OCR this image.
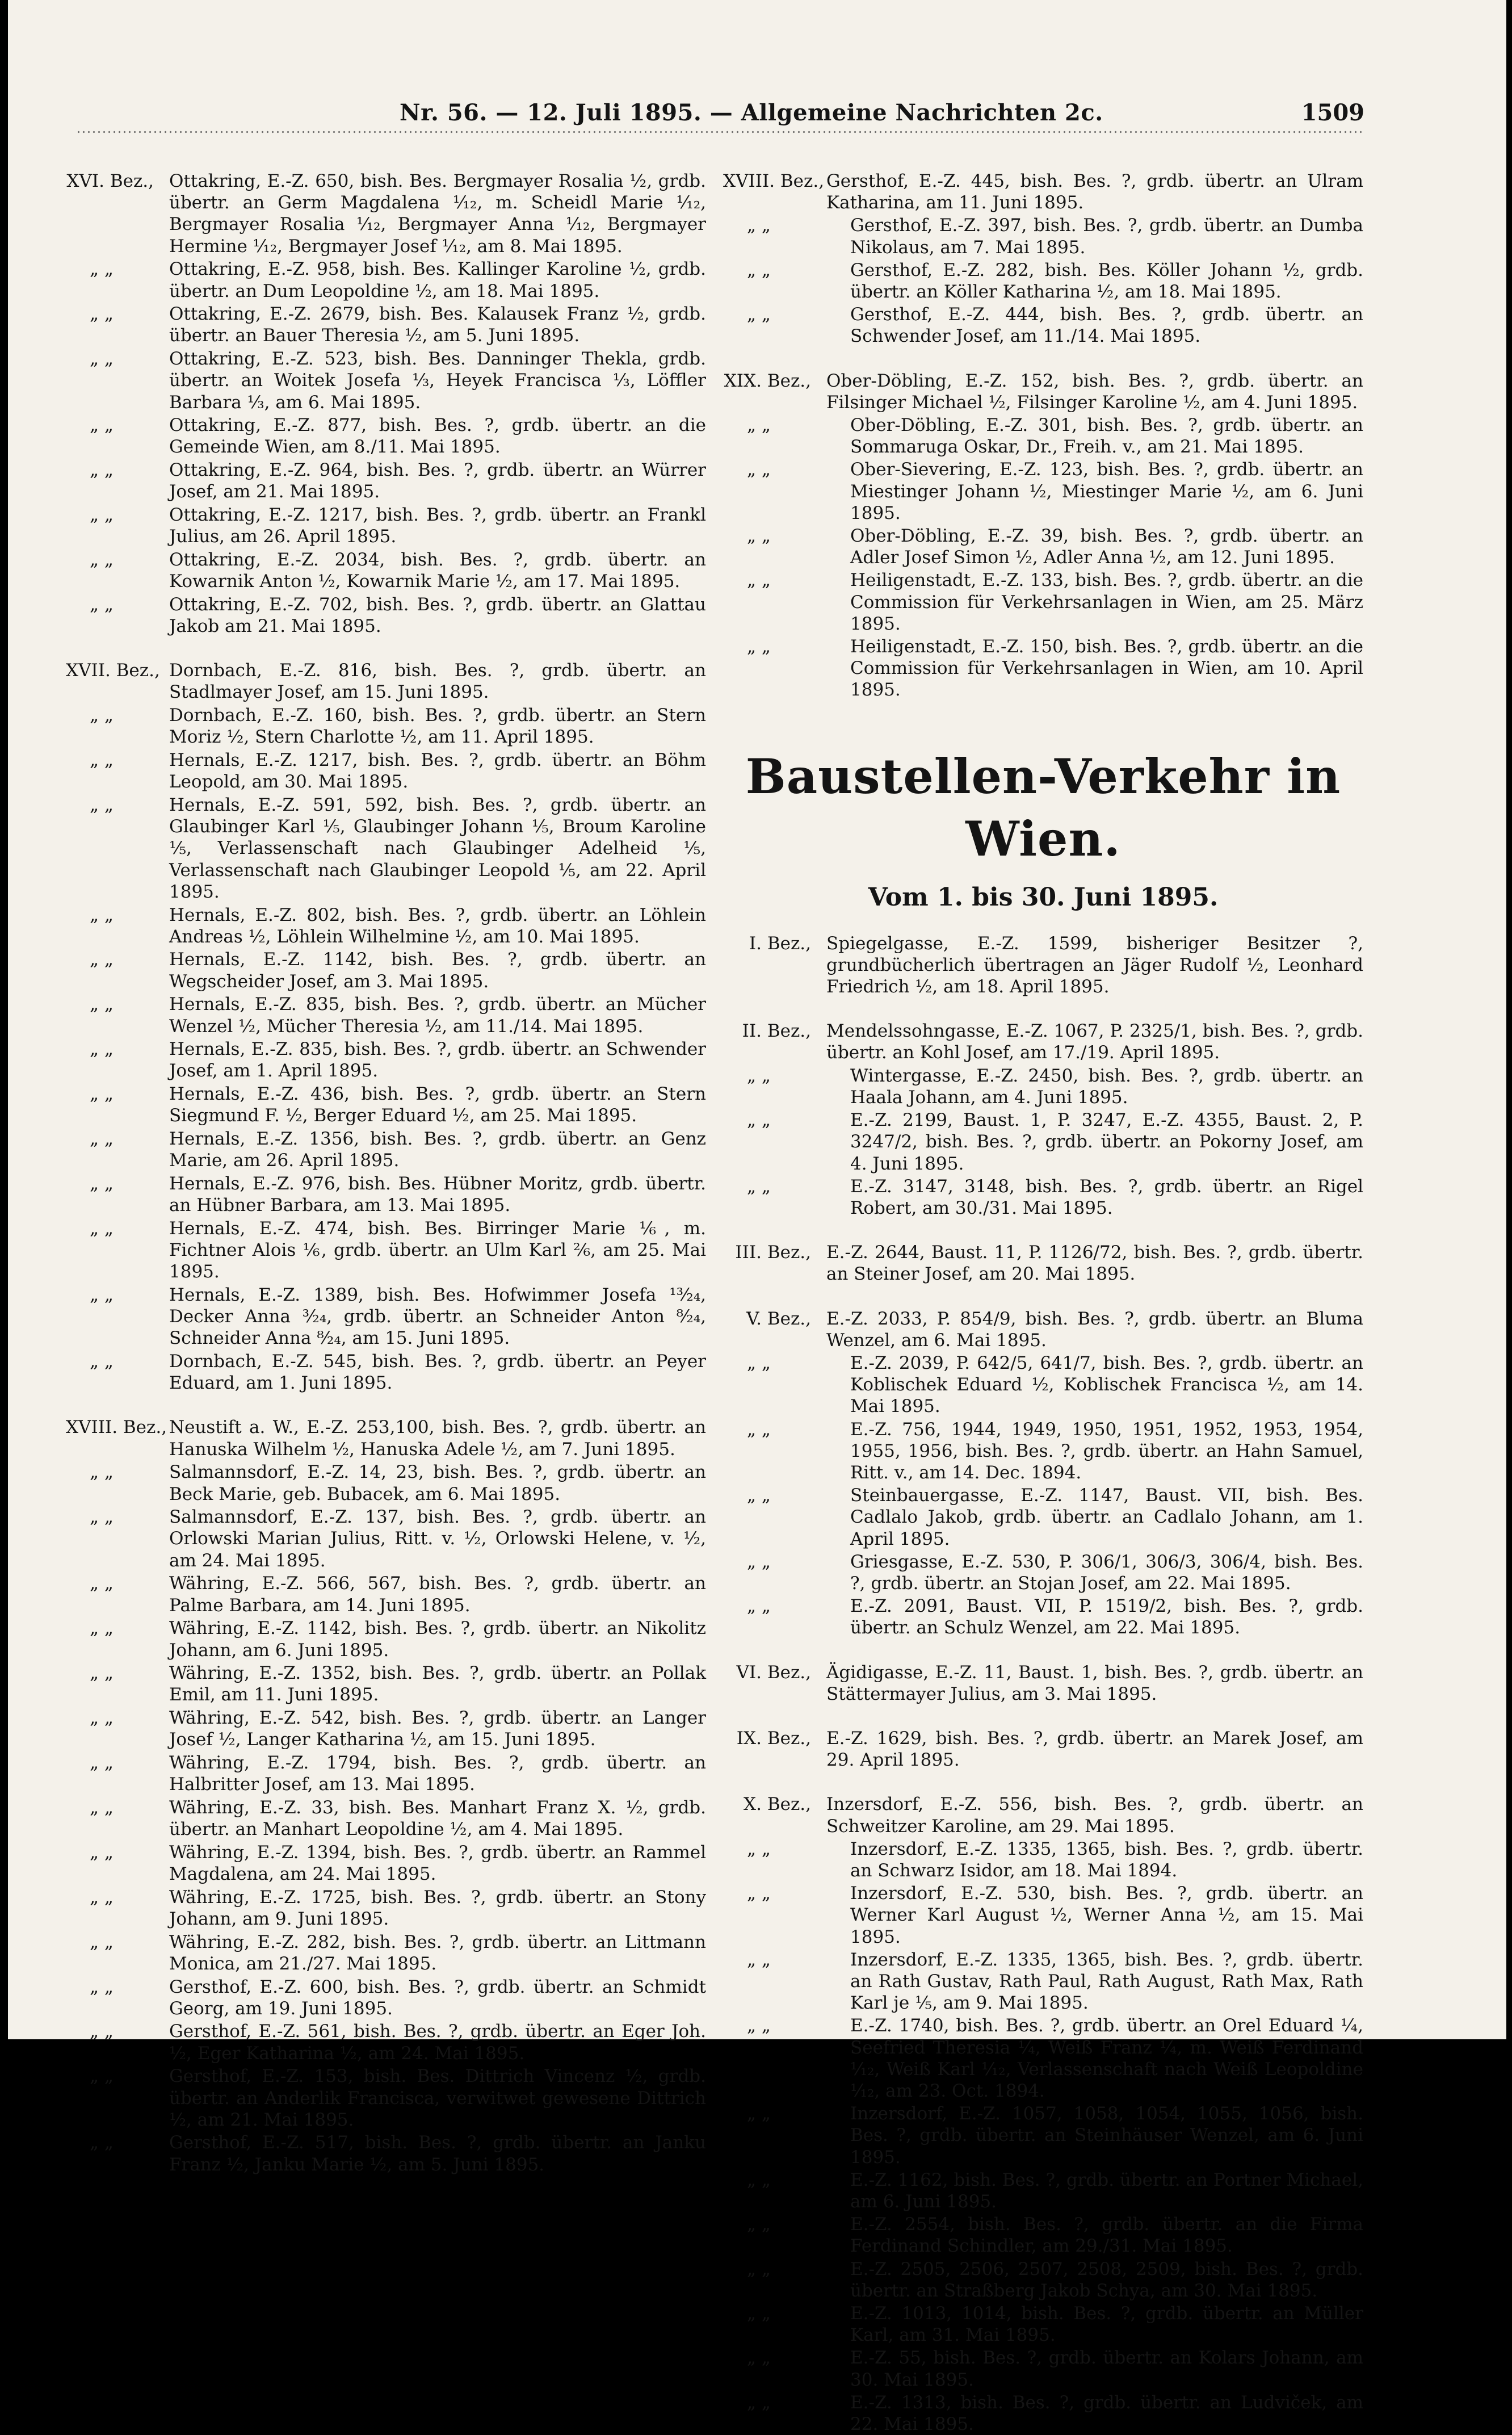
Nr. 56. — 12. Juli 1895. — Allgemeine Nachrichten 2c.	1509
XVI. Bez., Ottakring, E.-Z. 650, bish. Bes. Bergmayer Rosalia ½, grdb. übertr. an Germ Magdalena ¹⁄₁₂, m. Scheidl Marie ¹⁄₁₂, Bergmayer Rosalia ¹⁄₁₂, Bergmayer Anna ¹⁄₁₂, Bergmayer Hermine ¹⁄₁₂, Bergmayer Josef ¹⁄₁₂, am 8. Mai 1895.
„ „	Ottakring, E.-Z. 958, bish. Bes. Kallinger Karoline ½, grdb. übertr. an Dum Leopoldine ½, am 18. Mai 1895.
„ „	Ottakring, E.-Z. 2679, bish. Bes. Kalausek Franz ½, grdb. übertr. an Bauer Theresia ½, am 5. Juni 1895.
„ „	Ottakring, E.-Z. 523, bish. Bes. Danninger Thekla, grdb. übertr. an Woitek Josefa ⅓, Heyek Francisca ⅓, Löffler Barbara ⅓, am 6. Mai 1895.
„ „	Ottakring, E.-Z. 877, bish. Bes. ?, grdb. übertr. an die Gemeinde Wien, am 8./11. Mai 1895.
„ „	Ottakring, E.-Z. 964, bish. Bes. ?, grdb. übertr. an Würrer Josef, am 21. Mai 1895.
„ „	Ottakring, E.-Z. 1217, bish. Bes. ?, grdb. übertr. an Frankl Julius, am 26. April 1895.
„ „	Ottakring, E.-Z. 2034, bish. Bes. ?, grdb. übertr. an Kowarnik Anton ½, Kowarnik Marie ½, am 17. Mai 1895.
„ „	Ottakring, E.-Z. 702, bish. Bes. ?, grdb. übertr. an Glattau Jakob am 21. Mai 1895.
XVII. Bez., Dornbach, E.-Z. 816, bish. Bes. ?, grdb. übertr. an Stadlmayer Josef, am 15. Juni 1895.
„ „	Dornbach, E.-Z. 160, bish. Bes. ?, grdb. übertr. an Stern Moriz ½, Stern Charlotte ½, am 11. April 1895.
„ „	Hernals, E.-Z. 1217, bish. Bes. ?, grdb. übertr. an Böhm Leopold, am 30. Mai 1895.
„ „	Hernals, E.-Z. 591, 592, bish. Bes. ?, grdb. übertr. an Glaubinger Karl ⅕, Glaubinger Johann ⅕, Broum Karoline ⅕, Verlassenschaft nach Glaubinger Adelheid ⅕, Verlassenschaft nach Glaubinger Leopold ⅕, am 22. April 1895.
„ „	Hernals, E.-Z. 802, bish. Bes. ?, grdb. übertr. an Löhlein Andreas ½, Löhlein Wilhelmine ½, am 10. Mai 1895.
„ „	Hernals, E.-Z. 1142, bish. Bes. ?, grdb. übertr. an Wegscheider Josef, am 3. Mai 1895.
„ „	Hernals, E.-Z. 835, bish. Bes. ?, grdb. übertr. an Mücher Wenzel ½, Mücher Theresia ½, am 11./14. Mai 1895.
„ „	Hernals, E.-Z. 835, bish. Bes. ?, grdb. übertr. an Schwender Josef, am 1. April 1895.
„ „	Hernals, E.-Z. 436, bish. Bes. ?, grdb. übertr. an Stern Siegmund F. ½, Berger Eduard ½, am 25. Mai 1895.
„ „	Hernals, E.-Z. 1356, bish. Bes. ?, grdb. übertr. an Genz Marie, am 26. April 1895.
„ „	Hernals, E.-Z. 976, bish. Bes. Hübner Moritz, grdb. übertr. an Hübner Barbara, am 13. Mai 1895.
„ „	Hernals, E.-Z. 474, bish. Bes. Birringer Marie ⅙, m. Fichtner Alois ⅙, grdb. übertr. an Ulm Karl ²⁄₆, am 25. Mai 1895.
„ „	Hernals, E.-Z. 1389, bish. Bes. Hofwimmer Josefa ¹³⁄₂₄, Decker Anna ³⁄₂₄, grdb. übertr. an Schneider Anton ⁸⁄₂₄, Schneider Anna ⁸⁄₂₄, am 15. Juni 1895.
„ „	Dornbach, E.-Z. 545, bish. Bes. ?, grdb. übertr. an Peyer Eduard, am 1. Juni 1895.
XVIII. Bez., Neustift a. W., E.-Z. 253,100, bish. Bes. ?, grdb. übertr. an Hanuska Wilhelm ½, Hanuska Adele ½, am 7. Juni 1895.
„ „	Salmannsdorf, E.-Z. 14, 23, bish. Bes. ?, grdb. übertr. an Beck Marie, geb. Bubacek, am 6. Mai 1895.
„ „	Salmannsdorf, E.-Z. 137, bish. Bes. ?, grdb. übertr. an Orlowski Marian Julius, Ritt. v. ½, Orlowski Helene, v. ½, am 24. Mai 1895.
„ „	Währing, E.-Z. 566, 567, bish. Bes. ?, grdb. übertr. an Palme Barbara, am 14. Juni 1895.
„ „	Währing, E.-Z. 1142, bish. Bes. ?, grdb. übertr. an Nikolitz Johann, am 6. Juni 1895.
„ „	Währing, E.-Z. 1352, bish. Bes. ?, grdb. übertr. an Pollak Emil, am 11. Juni 1895.
„ „	Währing, E.-Z. 542, bish. Bes. ?, grdb. übertr. an Langer Josef ½, Langer Katharina ½, am 15. Juni 1895.
„ „	Währing, E.-Z. 1794, bish. Bes. ?, grdb. übertr. an Halbritter Josef, am 13. Mai 1895.
„ „	Währing, E.-Z. 33, bish. Bes. Manhart Franz X. ½, grdb. übertr. an Manhart Leopoldine ½, am 4. Mai 1895.
„ „	Währing, E.-Z. 1394, bish. Bes. ?, grdb. übertr. an Rammel Magdalena, am 24. Mai 1895.
„ „	Währing, E.-Z. 1725, bish. Bes. ?, grdb. übertr. an Stony Johann, am 9. Juni 1895.
„ „	Währing, E.-Z. 282, bish. Bes. ?, grdb. übertr. an Littmann Monica, am 21./27. Mai 1895.
„ „	Gersthof, E.-Z. 600, bish. Bes. ?, grdb. übertr. an Schmidt Georg, am 19. Juni 1895.
„ „	Gersthof, E.-Z. 561, bish. Bes. ?, grdb. übertr. an Eger Joh. ½, Eger Katharina ½, am 24. Mai 1895.
„ „	Gersthof, E.-Z. 153, bish. Bes. Dittrich Vincenz ½, grdb. übertr. an Anderlik Francisca, verwitwet gewesene Dittrich ½, am 21. Mai 1895.
„ „	Gersthof, E.-Z. 517, bish. Bes. ?, grdb. übertr. an Janku Franz ½, Janku Marie ½, am 5. Juni 1895.
XVIII. Bez., Gersthof, E.-Z. 445, bish. Bes. ?, grdb. übertr. an Ulram Katharina, am 11. Juni 1895.
„ „	Gersthof, E.-Z. 397, bish. Bes. ?, grdb. übertr. an Dumba Nikolaus, am 7. Mai 1895.
„ „	Gersthof, E.-Z. 282, bish. Bes. Köller Johann ½, grdb. übertr. an Köller Katharina ½, am 18. Mai 1895.
„ „	Gersthof, E.-Z. 444, bish. Bes. ?, grdb. übertr. an Schwender Josef, am 11./14. Mai 1895.
XIX. Bez., Ober-Döbling, E.-Z. 152, bish. Bes. ?, grdb. übertr. an Filsinger Michael ½, Filsinger Karoline ½, am 4. Juni 1895.
„ „	Ober-Döbling, E.-Z. 301, bish. Bes. ?, grdb. übertr. an Sommaruga Oskar, Dr., Freih. v., am 21. Mai 1895.
„ „	Ober-Sievering, E.-Z. 123, bish. Bes. ?, grdb. übertr. an Miestinger Johann ½, Miestinger Marie ½, am 6. Juni 1895.
„ „	Ober-Döbling, E.-Z. 39, bish. Bes. ?, grdb. übertr. an Adler Josef Simon ½, Adler Anna ½, am 12. Juni 1895.
„ „	Heiligenstadt, E.-Z. 133, bish. Bes. ?, grdb. übertr. an die Commission für Verkehrsanlagen in Wien, am 25. März 1895.
„ „	Heiligenstadt, E.-Z. 150, bish. Bes. ?, grdb. übertr. an die Commission für Verkehrsanlagen in Wien, am 10. April 1895.
Baustellen-Verkehr in Wien.
Vom 1. bis 30. Juni 1895.
I. Bez., Spiegelgasse, E.-Z. 1599, bisheriger Besitzer ?, grundbücherlich übertragen an Jäger Rudolf ½, Leonhard Friedrich ½, am 18. April 1895.
II. Bez., Mendelssohngasse, E.-Z. 1067, P. 2325/1, bish. Bes. ?, grdb. übertr. an Kohl Josef, am 17./19. April 1895.
„ „	Wintergasse, E.-Z. 2450, bish. Bes. ?, grdb. übertr. an Haala Johann, am 4. Juni 1895.
„ „	E.-Z. 2199, Baust. 1, P. 3247, E.-Z. 4355, Baust. 2, P. 3247/2, bish. Bes. ?, grdb. übertr. an Pokorny Josef, am 4. Juni 1895.
„ „	E.-Z. 3147, 3148, bish. Bes. ?, grdb. übertr. an Rigel Robert, am 30./31. Mai 1895.
III. Bez., E.-Z. 2644, Baust. 11, P. 1126/72, bish. Bes. ?, grdb. übertr. an Steiner Josef, am 20. Mai 1895.
V. Bez., E.-Z. 2033, P. 854/9, bish. Bes. ?, grdb. übertr. an Bluma Wenzel, am 6. Mai 1895.
„ „	E.-Z. 2039, P. 642/5, 641/7, bish. Bes. ?, grdb. übertr. an Koblischek Eduard ½, Koblischek Francisca ½, am 14. Mai 1895.
„ „	E.-Z. 756, 1944, 1949, 1950, 1951, 1952, 1953, 1954, 1955, 1956, bish. Bes. ?, grdb. übertr. an Hahn Samuel, Ritt. v., am 14. Dec. 1894.
„ „	Steinbauergasse, E.-Z. 1147, Baust. VII, bish. Bes. Cadlalo Jakob, grdb. übertr. an Cadlalo Johann, am 1. April 1895.
„ „	Griesgasse, E.-Z. 530, P. 306/1, 306/3, 306/4, bish. Bes. ?, grdb. übertr. an Stojan Josef, am 22. Mai 1895.
„ „	E.-Z. 2091, Baust. VII, P. 1519/2, bish. Bes. ?, grdb. übertr. an Schulz Wenzel, am 22. Mai 1895.
VI. Bez., Ägidigasse, E.-Z. 11, Baust. 1, bish. Bes. ?, grdb. übertr. an Stättermayer Julius, am 3. Mai 1895.
IX. Bez., E.-Z. 1629, bish. Bes. ?, grdb. übertr. an Marek Josef, am 29. April 1895.
X. Bez., Inzersdorf, E.-Z. 556, bish. Bes. ?, grdb. übertr. an Schweitzer Karoline, am 29. Mai 1895.
„ „	Inzersdorf, E.-Z. 1335, 1365, bish. Bes. ?, grdb. übertr. an Schwarz Isidor, am 18. Mai 1894.
„ „	Inzersdorf, E.-Z. 530, bish. Bes. ?, grdb. übertr. an Werner Karl August ½, Werner Anna ½, am 15. Mai 1895.
„ „	Inzersdorf, E.-Z. 1335, 1365, bish. Bes. ?, grdb. übertr. an Rath Gustav, Rath Paul, Rath August, Rath Max, Rath Karl je ⅕, am 9. Mai 1895.
„ „	E.-Z. 1740, bish. Bes. ?, grdb. übertr. an Orel Eduard ¼, Seefried Theresia ¼, Weiß Franz ¼, m. Weiß Ferdinand ¹⁄₁₂, Weiß Karl ¹⁄₁₂, Verlassenschaft nach Weiß Leopoldine ¹⁄₁₂, am 23. Oct. 1894.
„ „	Inzersdorf, E.-Z. 1057, 1058, 1054, 1055, 1056, bish. Bes. ?, grdb. übertr. an Steinhäuser Wenzel, am 6. Juni 1895.
„ „	E.-Z. 1162, bish. Bes. ?, grdb. übertr. an Portner Michael, am 6. Juni 1895.
„ „	E.-Z. 2554, bish. Bes. ?, grdb. übertr. an die Firma Ferdinand Schindler, am 29./31. Mai 1895.
„ „	E.-Z. 2505, 2506, 2507, 2508, 2509, bish. Bes. ?, grdb. übertr. an Straßberg Jakob Schya, am 30. Mai 1895.
„ „	E.-Z. 1013, 1014, bish. Bes. ?, grdb. übertr. an Müller Karl, am 31. Mai 1895.
„ „	E.-Z. 55, bish. Bes. ?, grdb. übertr. an Kolars Johann, am 30. Mai 1895.
„ „	E.-Z. 1313, bish. Bes. ?, grdb. übertr. an Ludviček, am 22. Mai 1895.
